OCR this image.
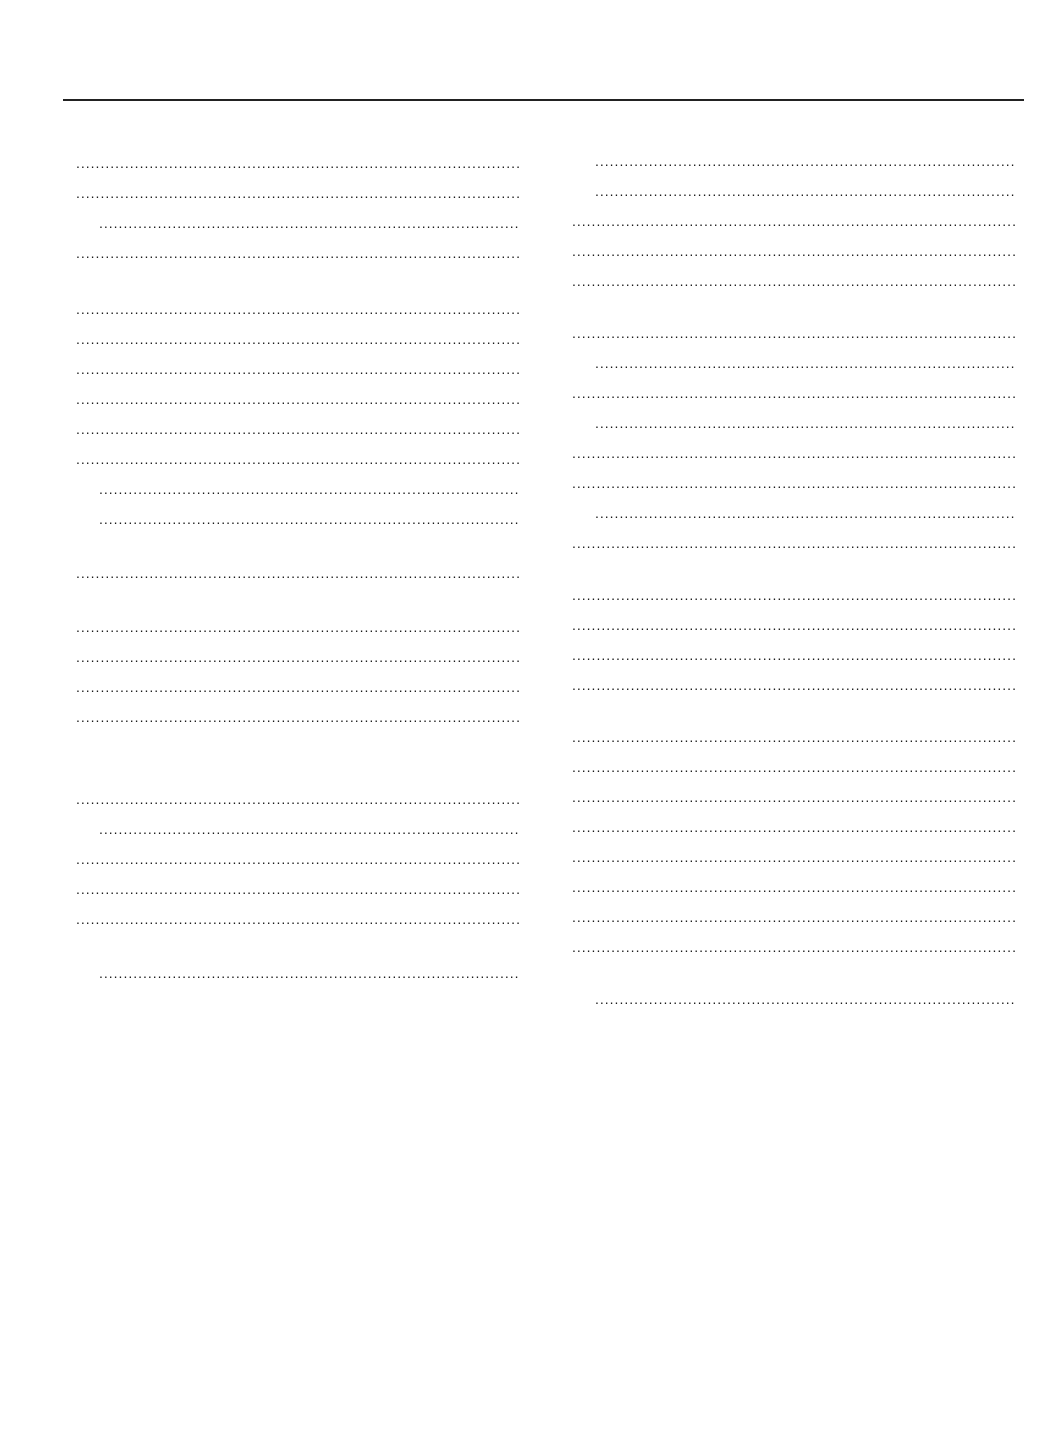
.....
.....
.....
.....
.....
.....
.....
.....
.....
.....
.....
.....
.....
.....
.....
.....
.....
.....
.....
.....
.....
.....
.....
.....
.....
.....
.....
.....
.....
.....
.....
.....
.....
.....
.....
.....
.....
.....
.....
.....
.....
.....
.....
.....
.....
.....
.....
.....
.....
